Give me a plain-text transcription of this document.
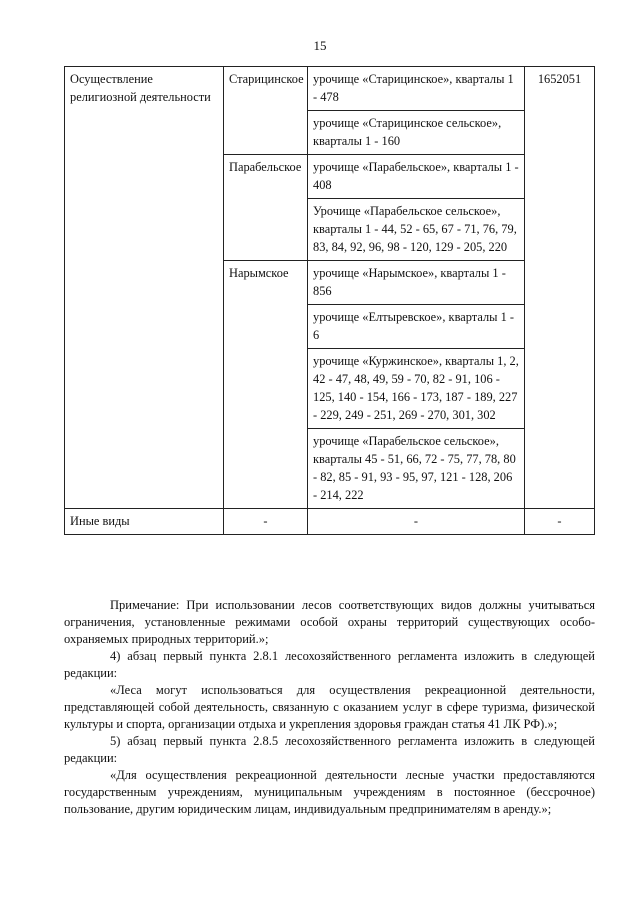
15
Осуществление религиозной деятельности	Старицинское	урочище «Старицинское», кварталы 1 - 478	1652051
		урочище «Старицинское сельское», кварталы 1 - 160	
	Парабельское	урочище «Парабельское», кварталы 1 - 408	
		Урочище «Парабельское сельское», кварталы 1 - 44, 52 - 65, 67 - 71, 76, 79, 83, 84, 92, 96, 98 - 120, 129 - 205, 220	
	Нарымское	урочище «Нарымское», кварталы 1 - 856	
		урочище «Елтыревское», кварталы 1 - 6	
		урочище «Куржинское», кварталы 1, 2, 42 - 47, 48, 49, 59 - 70, 82 - 91, 106 - 125, 140 - 154, 166 - 173, 187 - 189, 227 - 229, 249 - 251, 269 - 270, 301, 302	
		урочище «Парабельское сельское», кварталы 45 - 51, 66, 72 - 75, 77, 78, 80 - 82, 85 - 91, 93 - 95, 97, 121 - 128, 206 - 214, 222	
Иные виды	-	-	-

Примечание: При использовании лесов соответствующих видов должны учитываться ограничения, установленные режимами особой охраны территорий существующих особо-охраняемых природных территорий.»;

4) абзац первый пункта 2.8.1 лесохозяйственного регламента изложить в следующей редакции:

«Леса могут использоваться для осуществления рекреационной деятельности, представляющей собой деятельность, связанную с оказанием услуг в сфере туризма, физической культуры и спорта, организации отдыха и укрепления здоровья граждан статья 41 ЛК РФ).»;

5) абзац первый пункта 2.8.5 лесохозяйственного регламента изложить в следующей редакции:

«Для осуществления рекреационной деятельности лесные участки предоставляются государственным учреждениям, муниципальным учреждениям в постоянное (бессрочное) пользование, другим юридическим лицам, индивидуальным предпринимателям в аренду.»;
